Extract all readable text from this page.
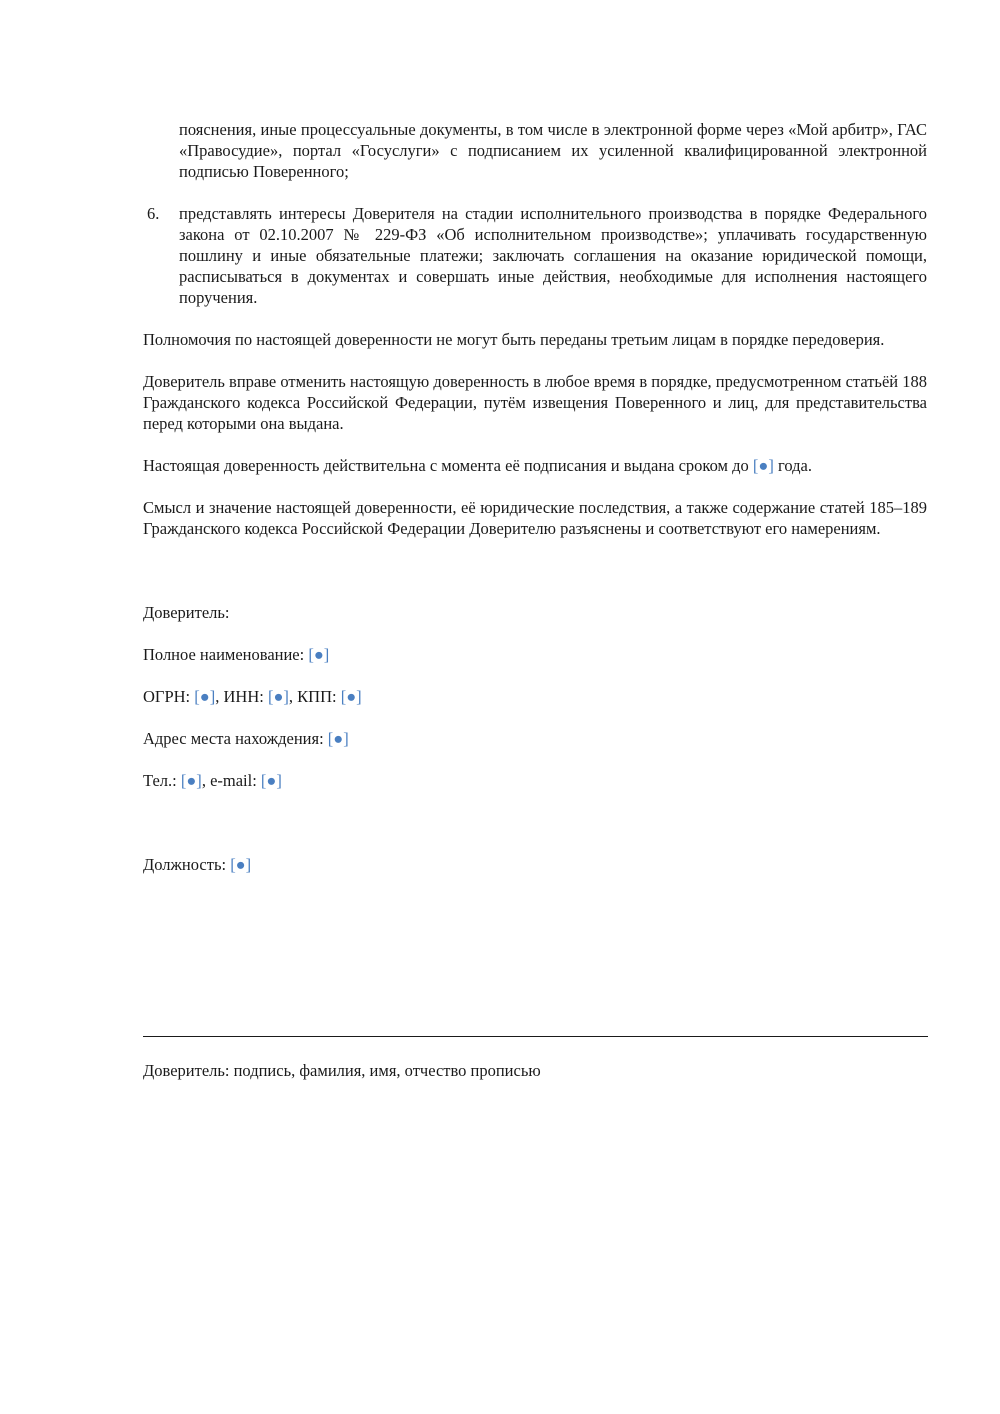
пояснения, иные процессуальные документы, в том числе в электронной форме через «Мой арбитр», ГАС «Правосудие», портал «Госуслуги» с подписанием их усиленной квалифицированной электронной подписью Поверенного;
6. представлять интересы Доверителя на стадии исполнительного производства в порядке Федерального закона от 02.10.2007 № 229-ФЗ «Об исполнительном производстве»; уплачивать государственную пошлину и иные обязательные платежи; заключать соглашения на оказание юридической помощи, расписываться в документах и совершать иные действия, необходимые для исполнения настоящего поручения.

Полномочия по настоящей доверенности не могут быть переданы третьим лицам в порядке передоверия.

Доверитель вправе отменить настоящую доверенность в любое время в порядке, предусмотренном статьёй 188 Гражданского кодекса Российской Федерации, путём извещения Поверенного и лиц, для представительства перед которыми она выдана.

Настоящая доверенность действительна с момента её подписания и выдана сроком до [●] года.

Смысл и значение настоящей доверенности, её юридические последствия, а также содержание статей 185–189 Гражданского кодекса Российской Федерации Доверителю разъяснены и соответствуют его намерениям.

Доверитель:

Полное наименование: [●]

ОГРН: [●], ИНН: [●], КПП: [●]

Адрес места нахождения: [●]

Тел.: [●], e-mail: [●]

Должность: [●]

Доверитель: подпись, фамилия, имя, отчество прописью
